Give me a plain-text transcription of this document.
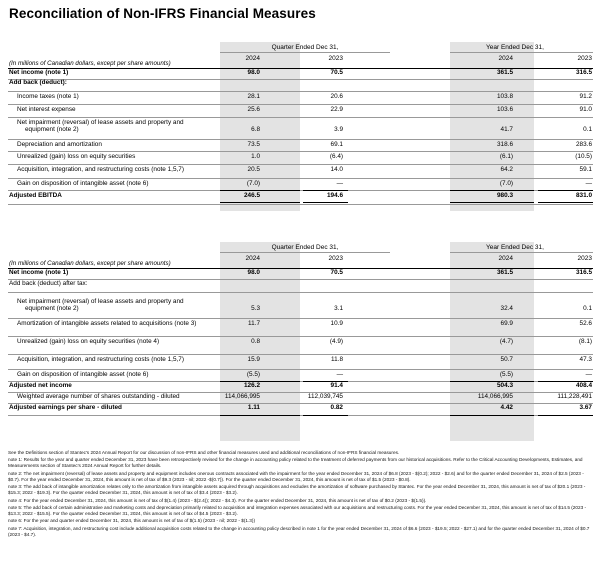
Reconciliation of Non-IFRS Financial Measures
Quarter Ended Dec 31,	Year Ended Dec 31,
2024	2023	2024	2023
(In millions of Canadian dollars, except per share amounts)
Net income (note 1)	98.0	70.5	361.5	316.5
Add back (deduct):
Income taxes (note 1)	28.1	20.6	103.8	91.2
Net interest expense	25.6	22.9	103.6	91.0
Net impairment (reversal) of lease assets and property and
equipment (note 2)	6.8	3.9	41.7	0.1
Depreciation and amortization	73.5	69.1	318.6	283.6
Unrealized (gain) loss on equity securities	1.0	(6.4)	(6.1)	(10.5)
Acquisition, integration, and restructuring costs (note 1,5,7)	20.5	14.0	64.2	59.1
Gain on disposition of intangible asset (note 6)	(7.0)	—	(7.0)	—
Adjusted EBITDA	246.5	194.6	980.3	831.0
Quarter Ended Dec 31,	Year Ended Dec 31,
2024	2023	2024	2023
(In millions of Canadian dollars, except per share amounts)
Net income (note 1)	98.0	70.5	361.5	316.5
Add back (deduct) after tax:
Net impairment (reversal) of lease assets and property and
equipment (note 2)	5.3	3.1	32.4	0.1
Amortization of intangible assets related to acquisitions (note 3)	11.7	10.9	69.9	52.6
Unrealized (gain) loss on equity securities (note 4)	0.8	(4.9)	(4.7)	(8.1)
Acquisition, integration, and restructuring costs (note 1,5,7)	15.9	11.8	50.7	47.3
Gain on disposition of intangible asset (note 6)	(5.5)	—	(5.5)	—
Adjusted net income	126.2	91.4	504.3	408.4
Weighted average number of shares outstanding - diluted	114,066,995	112,039,745	114,066,995	111,228,491
Adjusted earnings per share - diluted	1.11	0.82	4.42	3.67
See the Definitions section of Stantec's 2024 Annual Report for our discussion of non-IFRS and other financial measures used and additional reconciliations of non-IFRS financial measures.
note 1: Results for the year and quarter ended December 31, 2023 have been retrospectively revised for the change in accounting policy related to the treatment of deferred payments from our historical acquisitions. Refer to the Critical Accounting Developments, Estimates, and Measurements section of Stantec's 2024 Annual Report for further details.
note 2: The net impairment (reversal) of lease assets and property and equipment includes onerous contracts associated with the impairment for the year ended December 31, 2024 of $6.8 (2023 - $(0.2); 2022 - $2.6) and for the quarter ended December 31, 2024 of $2.5 (2023 - $0.7). For the year ended December 31, 2024, this amount is net of tax of $9.3 (2023 - nil; 2022 -$(0.7)). For the quarter ended December 31, 2024, this amount is net of tax of $1.5 (2023 - $0.8).
note 3: The add back of intangible amortization relates only to the amortization from intangible assets acquired through acquisitions and excludes the amortization of software purchased by Stantec. For the year ended December 31, 2024, this amount is net of tax of $20.1 (2023 - $15.3; 2022 - $19.3). For the quarter ended December 31, 2024, this amount is net of tax of $3.4 (2023 - $3.2).
note 4: For the year ended December 31, 2024, this amount is net of tax of $(1.4) (2023 - $(2.4)); 2022 - $4.3). For the quarter ended December 31, 2024, this amount is net of tax of $0.2 (2023 - $(1.5)).
note 5: The add back of certain administrative and marketing costs and depreciation primarily related to acquisition and integration expenses associated with our acquisitions and restructuring costs. For the year ended December 31, 2024, this amount is net of tax of $14.5 (2023 - $13.3; 2022 - $15.5). For the quarter ended December 31, 2024, this amount is net of tax of $4.5 (2023 - $3.2).
note 6: For the year and quarter ended December 31, 2024, this amount is net of tax of $(1.5) (2023 - nil; 2022 - $(1.3))
note 7: Acquisition, integration, and restructuring cost include additional acquisition costs related to the change in accounting policy described in note 1 for the year ended December 31, 2024 of $6.6 (2023 - $19.5; 2022 - $27.1) and for the quarter ended December 31, 2024 of $0.7 (2023 - $4.7).
